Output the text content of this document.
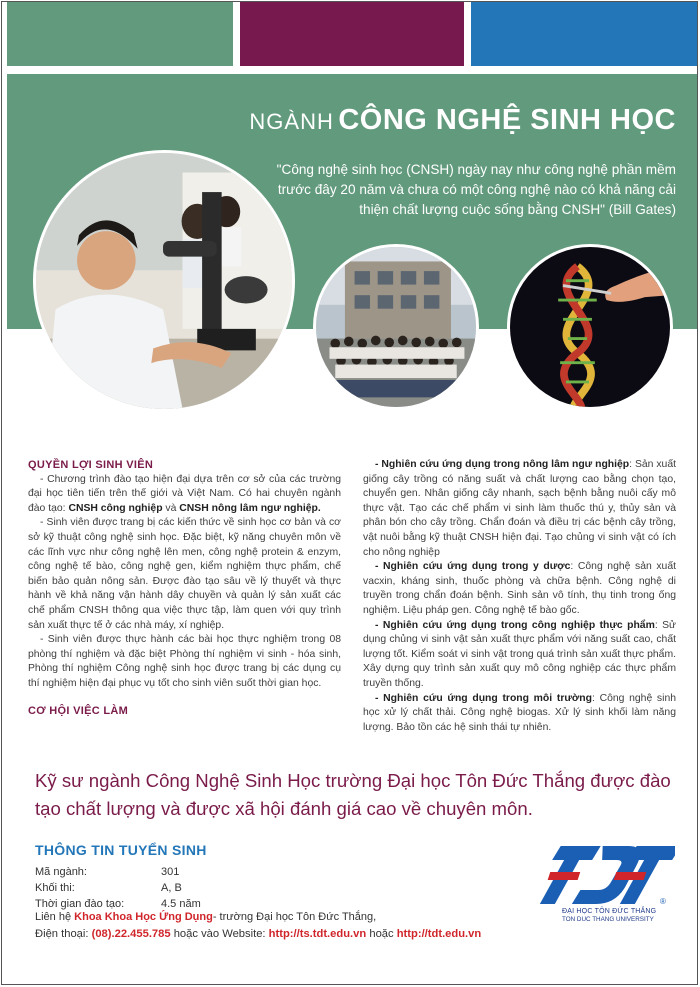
NGÀNH CÔNG NGHỆ SINH HỌC
"Công nghệ sinh học (CNSH) ngày nay như công nghệ phần mềm trước đây 20 năm và chưa có một công nghệ nào có khả năng cải thiện chất lượng cuộc sống bằng CNSH" (Bill Gates)

QUYỀN LỢI SINH VIÊN

- Chương trình đào tạo hiện đại dựa trên cơ sở của các trường đại học tiên tiến trên thế giới và Việt Nam. Có hai chuyên ngành đào tạo: CNSH công nghiệp và CNSH nông lâm ngư nghiệp.

- Sinh viên được trang bị các kiến thức về sinh học cơ bản và cơ sở kỹ thuật công nghệ sinh học. Đặc biệt, kỹ năng chuyên môn về các lĩnh vực như công nghệ lên men, công nghệ protein & enzym, công nghệ tế bào, công nghệ gen, kiểm nghiệm thực phẩm, chế biến bảo quản nông sản. Được đào tạo sâu về lý thuyết và thực hành về khả năng vận hành dây chuyền và quản lý sản xuất các chế phẩm CNSH thông qua việc thực tập, làm quen với quy trình sản xuất thực tế ở các nhà máy, xí nghiệp.

- Sinh viên được thực hành các bài học thực nghiệm trong 08 phòng thí nghiệm và đặc biệt Phòng thí nghiệm vi sinh - hóa sinh, Phòng thí nghiệm Công nghệ sinh học được trang bị các dụng cụ thí nghiệm hiện đại phục vụ tốt cho sinh viên suốt thời gian học.

CƠ HỘI VIỆC LÀM

- Nghiên cứu ứng dụng trong nông lâm ngư nghiệp: Sản xuất giống cây trồng có năng suất và chất lượng cao bằng chọn tạo, chuyển gen. Nhân giống cây nhanh, sạch bệnh bằng nuôi cấy mô thực vật. Tạo các chế phẩm vi sinh làm thuốc thú y, thủy sản và phân bón cho cây trồng. Chẩn đoán và điều trị các bệnh cây trồng, vật nuôi bằng kỹ thuật CNSH hiện đại. Tạo chủng vi sinh vật có ích cho nông nghiệp

- Nghiên cứu ứng dụng trong y dược: Công nghệ sản xuất vacxin, kháng sinh, thuốc phòng và chữa bệnh. Công nghệ di truyền trong chẩn đoán bệnh. Sinh sản vô tính, thụ tinh trong ống nghiệm. Liệu pháp gen. Công nghệ tế bào gốc.

- Nghiên cứu ứng dụng trong công nghiệp thực phẩm: Sử dụng chủng vi sinh vật sản xuất thực phẩm với năng suất cao, chất lượng tốt. Kiểm soát vi sinh vật trong quá trình sản xuất thực phẩm. Xây dựng quy trình sản xuất quy mô công nghiệp các thực phẩm truyền thống.

- Nghiên cứu ứng dụng trong môi trường: Công nghệ sinh học xử lý chất thải. Công nghệ biogas. Xử lý sinh khối làm năng lượng. Bảo tồn các hệ sinh thái tự nhiên.

Kỹ sư ngành Công Nghệ Sinh Học trường Đại học Tôn Đức Thắng được đào tạo chất lượng và được xã hội đánh giá cao về chuyên môn.
THÔNG TIN TUYỂN SINH
Mã ngành:	301
Khối thi:	A, B
Thời gian đào tạo:	4.5 năm
Liên hệ Khoa Khoa Học Ứng Dụng- trường Đại học Tôn Đức Thắng,
Điện thoại: (08).22.455.785 hoặc vào Website: http://ts.tdt.edu.vn hoặc http://tdt.edu.vn
®
ĐẠI HỌC TÔN ĐỨC THẮNG
TON DUC THANG UNIVERSITY
